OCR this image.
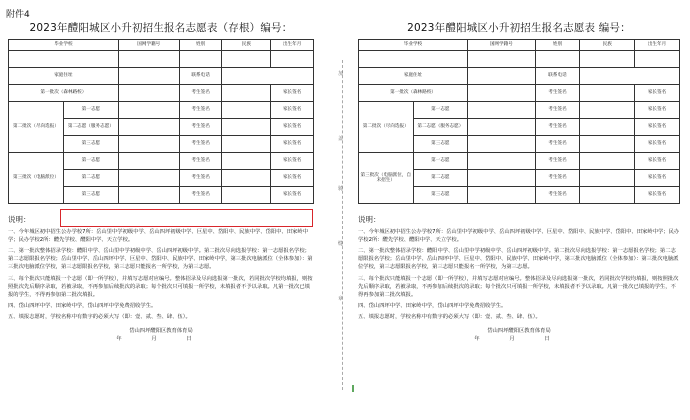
附件4
2023年醴阳城区小升初招生报名志愿表（存根）编号：
毕业学校		国网学籍号	姓别	民族	出生年月

家庭住址			联系电话		
第一批次（森林路校）			考生签名		家长签名
第二批次（尽向选报）	第一志愿		考生签名		家长签名
	第二志愿（服务志愿）		考生签名		家长签名
	第三志愿		考生签名		家长签名
第三批次（电脑派位）	第一志愿		考生签名		家长签名
	第二志愿		考生签名		家长签名
	第三志愿		考生签名		家长签名
说明：

一、今年城区初中招生公办学校7所：岳山里中学初级中学、岳山四坪初级中学、巨星中、岱阳中、民族中学、岱阳中、田家岭中学；民办学校2所：醴先学校、醴阳中学、天立学校。

二、第一批次整体招录学校：醴阳中学、岳山里中学初级中学、岳山四坪初级中学。第二批次尽向选报学校：第一志愿报名学校；第二志愿限报名学校；岳山里中学、岳山四坪中学、巨星中、岱阳中、民族中学、田家岭中学，第三批次电脑派位（全体参加）：第三批次电脑派位学校，第三志愿限报名学校，第三志愿只能报名一所学校，为第三志愿。

三、每个批次只能填报一个志愿（即一所学校），并填写志愿对应编号。整体招录及尽向选报第一批次，若同批次学校均填报，则按照批次先后顺序录取，若被录取，不再参加后续批次的录取；每个批次只可填报一所学校，未填报者不予以录取。凡第一批次已填报的学生，不得再参加第二批次填报。

四、岱山四坪中学、田家岭中学，岱山四坪中学免费招收学生。

五、填报志愿时，学校名称中有数字的必须大写（即：壹、贰、叁、肆、伍）。

岱山四坪醴阳区教育体育局
年 月 日
加
盖
骑
缝
章
2023年醴阳城区小升初招生报名志愿表 编号：
毕业学校		国网学籍号	姓别	民族	出生年月

家庭住址			联系电话		
第一批次（森林路校）			考生签名		家长签名
第二批次（尽向选报）	第一志愿		考生签名		家长签名
	第二志愿（服务志愿）		考生签名		家长签名
	第三志愿		考生签名		家长签名
第三批次（电脑派位，自未招生）	第一志愿		考生签名		家长签名
	第二志愿		考生签名		家长签名
	第三志愿		考生签名		家长签名
说明：

一、今年城区初中招生公办学校7所：岳山里中学初级中学、岳山四坪初级中学、巨星中、岱阳中、民族中学、岱阳中、田家岭中学；民办学校2所：醴先学校、醴阳中学、天立学校。

二、第一批次整体招录学校：醴阳中学、岳山里中学初级中学、岳山四坪初级中学。第二批次尽向选报学校：第一志愿报名学校；第二志愿限报名学校；岳山里中学、岳山四坪中学、巨星中、岱阳中、民族中学、田家岭中学，第三批次电脑派位（全体参加）：第三批次电脑派位学校，第三志愿限报名学校，第三志愿只能报名一所学校，为第三志愿。

三、每个批次只能填报一个志愿（即一所学校），并填写志愿对应编号。整体招录及尽向选报第一批次，若同批次学校均填报，则按照批次先后顺序录取，若被录取，不再参加后续批次的录取；每个批次只可填报一所学校，未填报者不予以录取。凡第一批次已填报的学生，不得再参加第二批次填报。

四、岱山四坪中学、田家岭中学，岱山四坪中学免费招收学生。

五、填报志愿时，学校名称中有数字的必须大写（即：壹、贰、叁、肆、伍）。

岱山四坪醴阳区教育体育局
年 月 日
